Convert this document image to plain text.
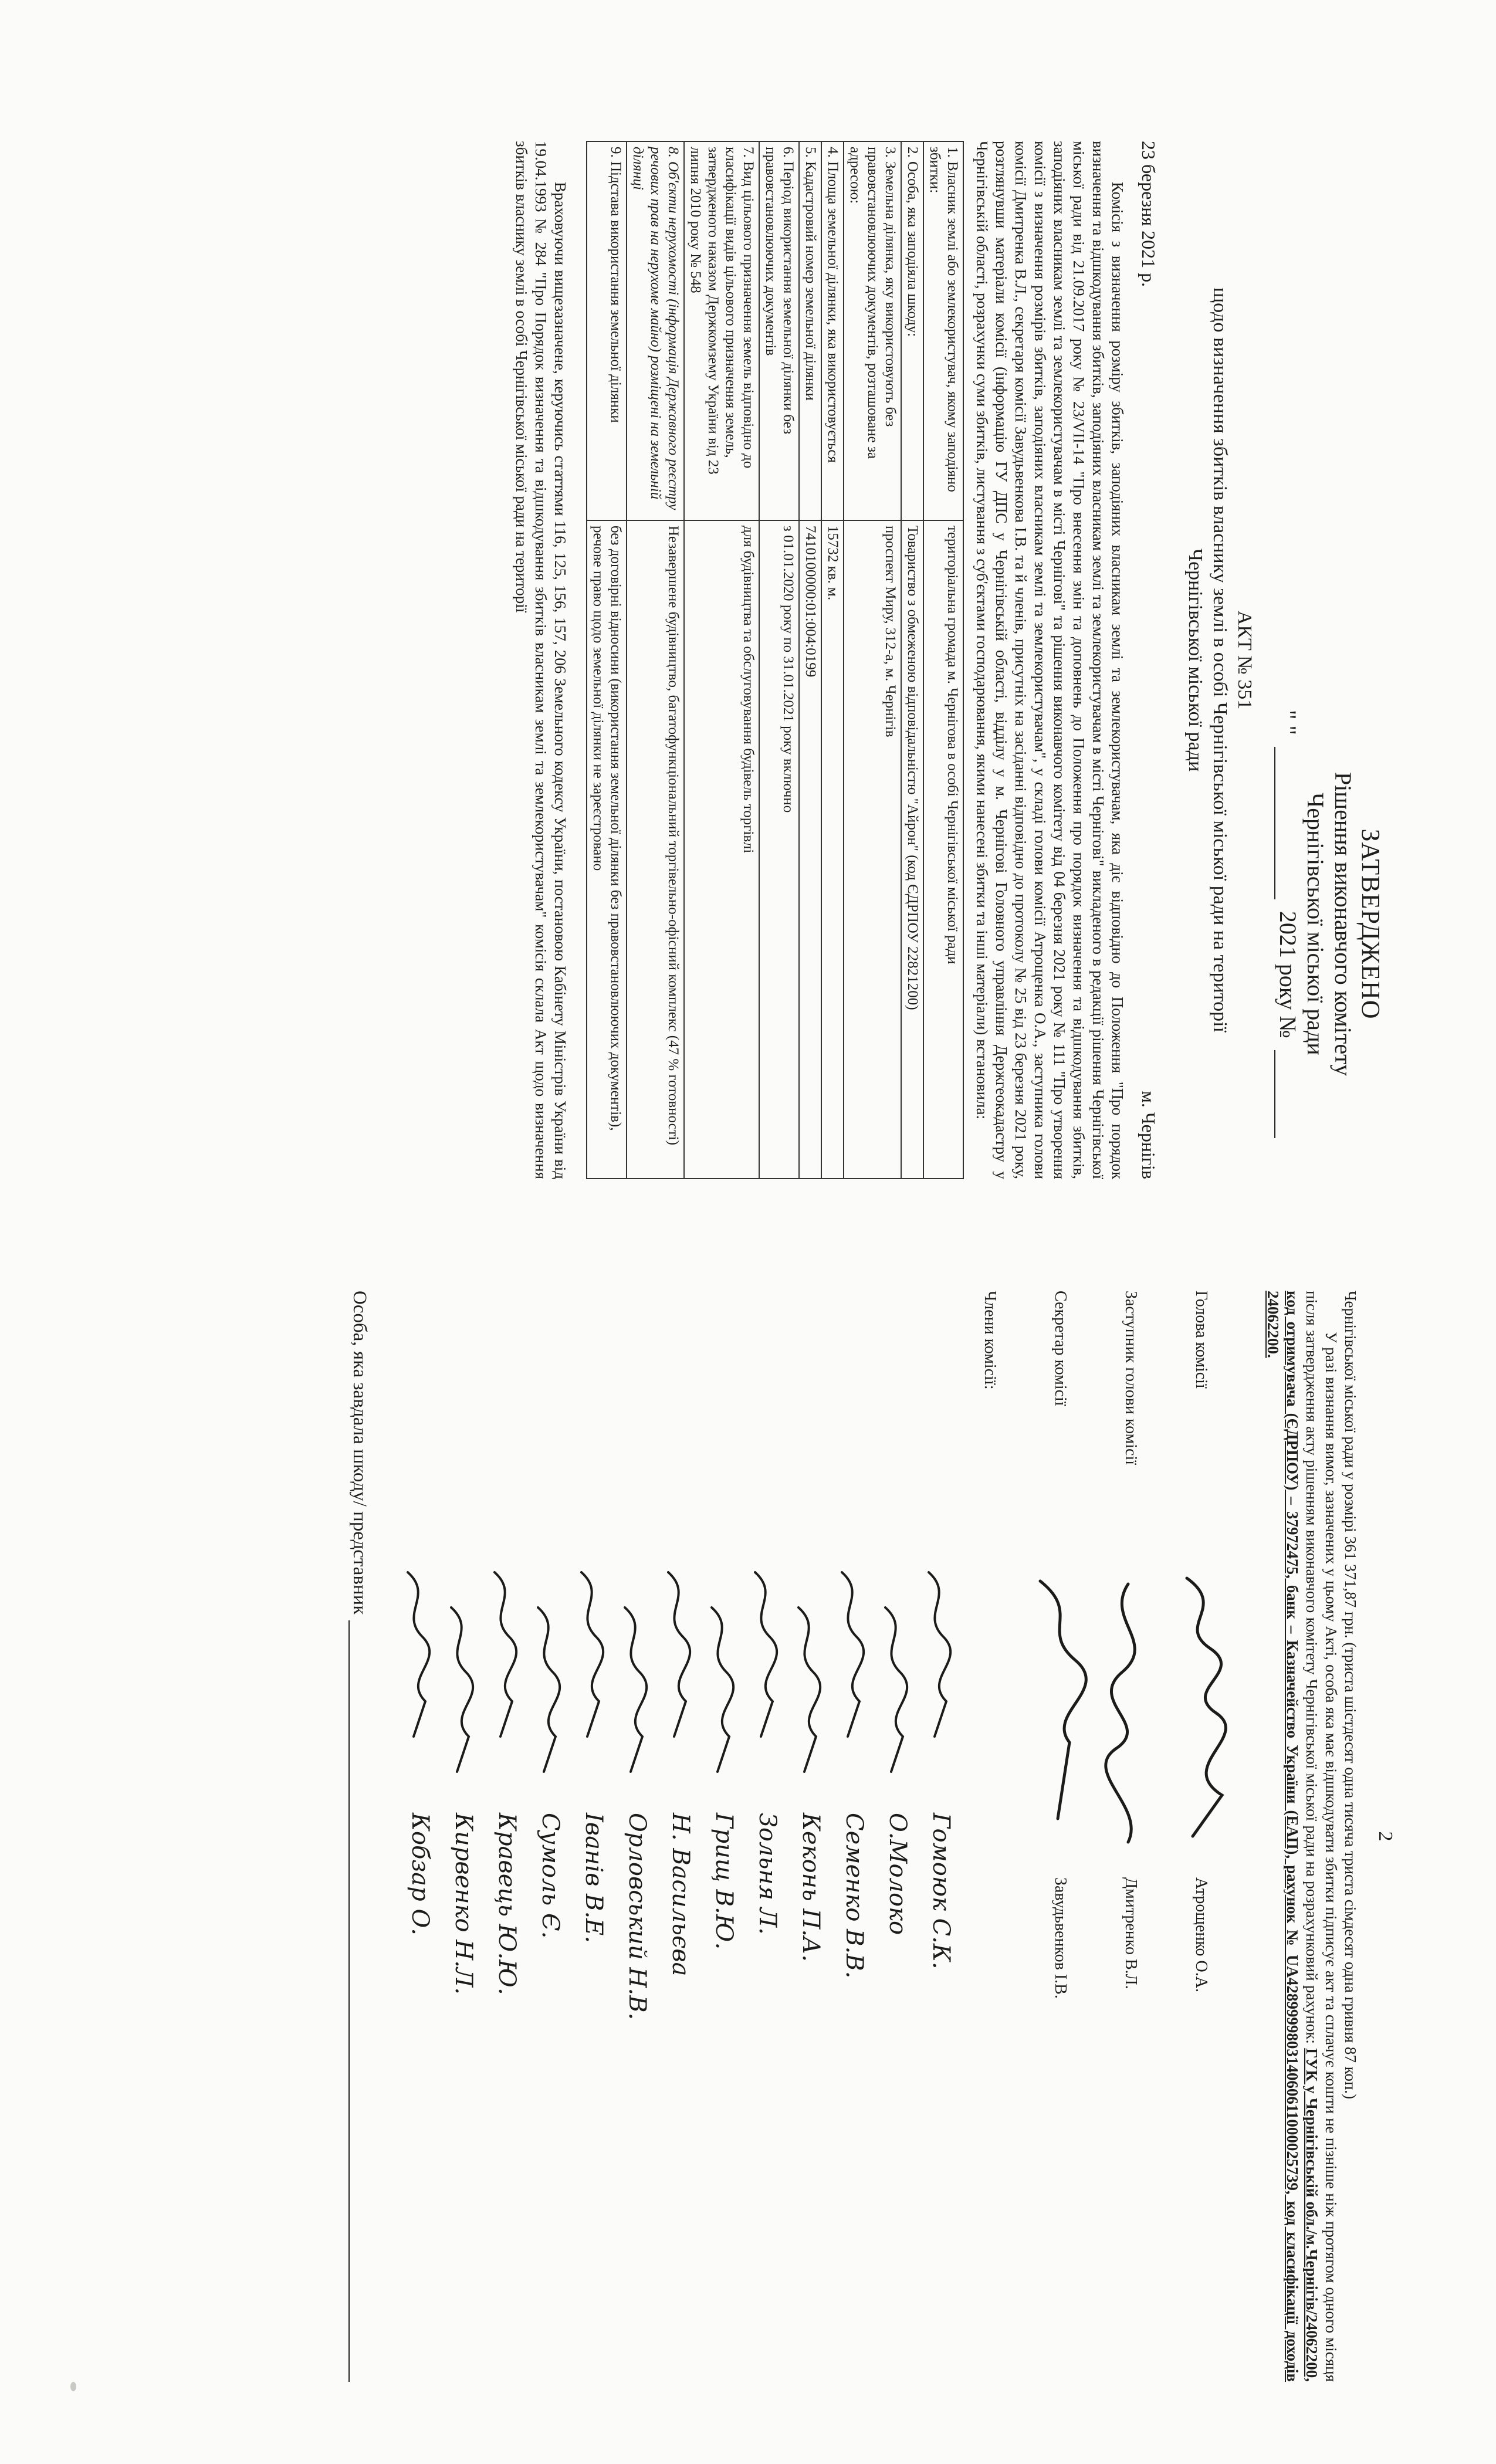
ЗАТВЕРДЖЕНО
Рішення виконавчого комітету
Чернігівської міської ради
" "
2021 року №
АКТ № 351
щодо визначення збитків власнику землі в особі Чернігівської міської ради на території
Чернігівської міської ради
23 березня 2021 р.
м. Чернігів
Комісія з визначення розміру збитків, заподіяних власникам землі та землекористувачам, яка діє відповідно до Положення "Про порядок визначення та відшкодування збитків, заподіяних власникам землі та землекористувачам в місті Чернігові" викладеного в редакції рішення Чернігівської міської ради від 21.09.2017 року № 23/VII-14 "Про внесення змін та доповнень до Положення про порядок визначення та відшкодування збитків, заподіяних власникам землі та землекористувачам в місті Чернігові" та рішення виконавчого комітету від 04 березня 2021 року № 111 "Про утворення комісії з визначення розмірів збитків, заподіяних власникам землі та землекористувачам", у складі голови комісії Атрощенка О.А., заступника голови комісії Дмитренка В.Л., секретаря комісії Завудьвенкова І.В. та й членів, присутніх на засіданні відповідно до протоколу № 25 від 23 березня 2021 року, розглянувши матеріали комісії (інформацію ГУ ДПС у Чернігівській області, відділу у м. Чернігові Головного управління Держгеокадастру у Чернігівській області, розрахунки суми збитків, листування з суб'єктами господарювання, якими нанесені збитки та інші матеріали) встановила:
1. Власник землі або землекористувач, якому заподіяно збитки:	територіальна громада м. Чернігова в особі Чернігівської міської ради
2. Особа, яка заподіяла шкоду:	Товариство з обмеженою відповідальністю "Айрон" (код ЄДРПОУ 22821200)
3. Земельна ділянка, яку використовують без правовстановлюючих документів, розташоване за адресою:	проспект Миру, 312-а, м. Чернігів
4. Площа земельної ділянки, яка використовується	15732 кв. м.
5. Кадастровий номер земельної ділянки	7410100000:01:004:0199
6. Період використання земельної ділянки без правовстановлюючих документів	з 01.01.2020 року по 31.01.2021 року включно
7. Вид цільового призначення земель відповідно до класифікації видів цільового призначення земель, затвердженого наказом Держкомзему України від 23 липня 2010 року № 548	для будівництва та обслуговування будівель торгівлі
8. Об'єкти нерухомості (інформація Державного реєстру речових прав на нерухоме майно) розміщені на земельній ділянці	Незавершене будівництво, багатофункціональний торгівельно-офісний комплекс (47 % готовності)
9. Підстава використання земельної ділянки	без договірні відносини (використання земельної ділянки без правовстановлюючих документів), речове право щодо земельної ділянки не зареєстровано
Враховуючи вищезазначене, керуючись статтями 116, 125, 156, 157, 206 Земельного кодексу України, постановою Кабінету Міністрів України від 19.04.1993 № 284 "Про Порядок визначення та відшкодування збитків власникам землі та землекористувачам" комісія склала Акт щодо визначення збитків власнику землі в особі Чернігівської міської ради на території
2
Чернігівської міської ради у розмірі 361 371,87 грн. (триста шістдесят одна тисяча триста сімдесят одна гривня 87 коп.)
У разі визнання вимог, зазначених у цьому Акті, особа яка має відшкодувати збитки підписує акт та сплачує кошти не пізніше ніж протягом одного місяця після затвердження акту рішенням виконавчого комітету Чернігівської міської ради на розрахунковий рахунок: ГУК у Чернігівській обл./м.Чернігів/24062200, код отримувача (ЄДРПОУ) – 37972475, банк – Казначейство України (ЕАП), рахунок № UA428999980314060611000025739, код класифікації доходів 24062200.
Голова комісії
Атрощенко О.А.
Заступник голови комісії
Дмитренко В.Л.
Секретар комісії
Завудьвенков І.В.
Члени комісії:
Гомоюк С.К.
О.Молоко
Семенко В.В.
Кеконь П.А.
Зольня Л.
Грищ В.Ю.
Н. Васильєва
Орловський Н.В.
Іванів В.Е.
Сумоль Є.
Кравець Ю.Ю.
Кирвенко Н.Л.
Кобзар О.
Особа, яка завдала шкоду/ представник
